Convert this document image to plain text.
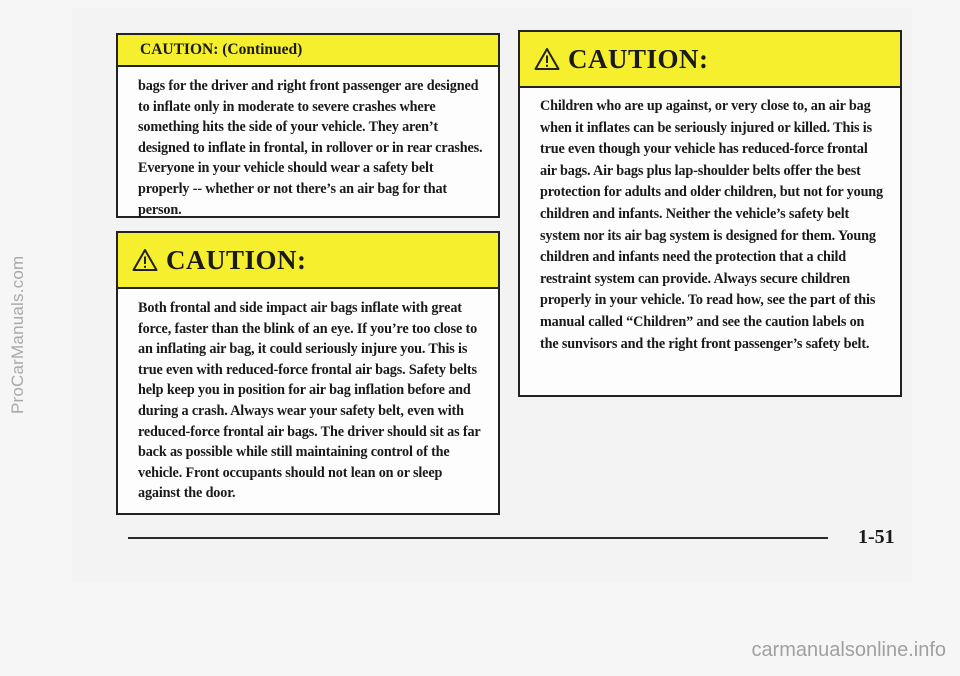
ProCarManuals.com
CAUTION: (Continued)
bags for the driver and right front passenger are designed to inflate only in moderate to severe crashes where something hits the side of your vehicle. They aren’t designed to inflate in frontal, in rollover or in rear crashes. Everyone in your vehicle should wear a safety belt properly -- whether or not there’s an air bag for that person.
CAUTION:
Both frontal and side impact air bags inflate with great force, faster than the blink of an eye. If you’re too close to an inflating air bag, it could seriously injure you. This is true even with reduced-force frontal air bags. Safety belts help keep you in position for air bag inflation before and during a crash. Always wear your safety belt, even with reduced-force frontal air bags. The driver should sit as far back as possible while still maintaining control of the vehicle. Front occupants should not lean on or sleep against the door.
CAUTION:
Children who are up against, or very close to, an air bag when it inflates can be seriously injured or killed. This is true even though your vehicle has reduced-force frontal air bags. Air bags plus lap-shoulder belts offer the best protection for adults and older children, but not for young children and infants. Neither the vehicle’s safety belt system nor its air bag system is designed for them. Young children and infants need the protection that a child restraint system can provide. Always secure children properly in your vehicle. To read how, see the part of this manual called “Children” and see the caution labels on the sunvisors and the right front passenger’s safety belt.
1-51
carmanualsonline.info
